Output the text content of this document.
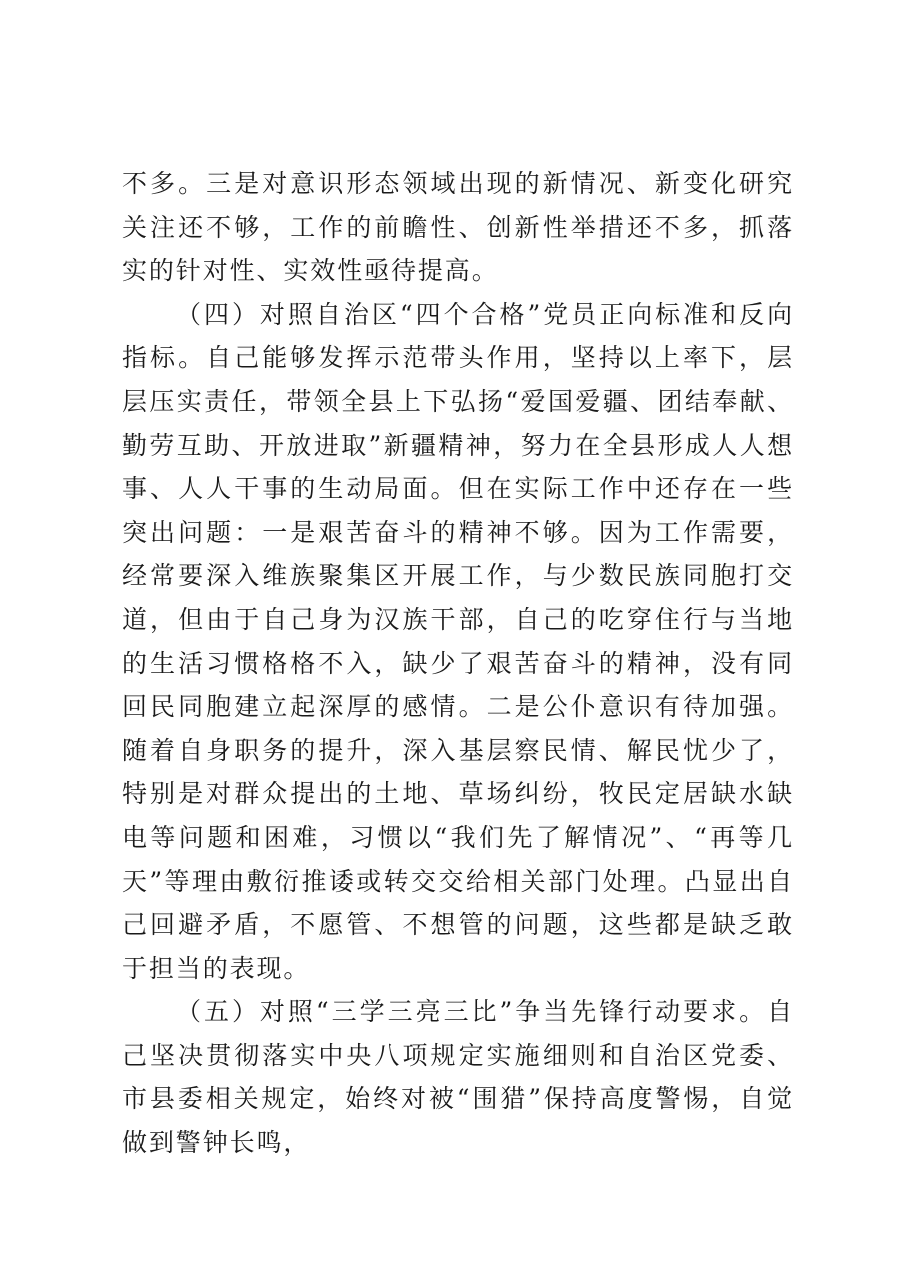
不多。三是对意识形态领域出现的新情况、新变化研究关注还不够，工作的前瞻性、创新性举措还不多，抓落实的针对性、实效性亟待提高。

（四）对照自治区“四个合格”党员正向标准和反向指标。自己能够发挥示范带头作用，坚持以上率下，层层压实责任，带领全县上下弘扬“爱国爱疆、团结奉献、勤劳互助、开放进取”新疆精神，努力在全县形成人人想事、人人干事的生动局面。但在实际工作中还存在一些突出问题：一是艰苦奋斗的精神不够。因为工作需要，经常要深入维族聚集区开展工作，与少数民族同胞打交道，但由于自己身为汉族干部，自己的吃穿住行与当地的生活习惯格格不入，缺少了艰苦奋斗的精神，没有同回民同胞建立起深厚的感情。二是公仆意识有待加强。随着自身职务的提升，深入基层察民情、解民忧少了，特别是对群众提出的土地、草场纠纷，牧民定居缺水缺电等问题和困难，习惯以“我们先了解情况”、“再等几天”等理由敷衍推诿或转交交给相关部门处理。凸显出自己回避矛盾，不愿管、不想管的问题，这些都是缺乏敢于担当的表现。

（五）对照“三学三亮三比”争当先锋行动要求。自己坚决贯彻落实中央八项规定实施细则和自治区党委、市县委相关规定，始终对被“围猎”保持高度警惕，自觉做到警钟长鸣，
